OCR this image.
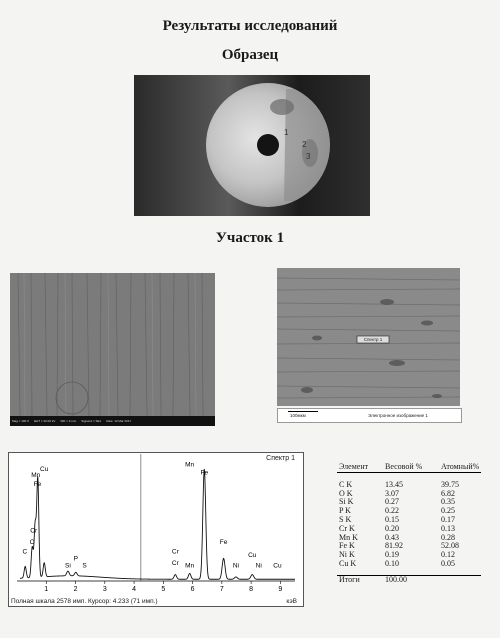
Результаты исследований
Образец
1
2
3
Участок 1
Mag = 100 X EHT = 20.00 kV WD = 9 mm Signal A = SE1 Date: 13 Mar 2017
Спектр 1
100мкм	Электронное изображение 1
1	2	3	4	5	6	7	8	9
Cu
Mn
Fe
Cr
O
C
Si
P
S	Cr Mn
Mn
Fe
Cr
Fe
Ni
Cu
Ni Cu
Спектр 1
Полная шкала 2578 имп. Курсор: 4.233 (71 имп.)	кэВ
Элемент	Весовой %	Атомный%

C K	13.45	39.75
O K	3.07	6.82
Si K	0.27	0.35
P K	0.22	0.25
S K	0.15	0.17
Cr K	0.20	0.13
Mn K	0.43	0.28
Fe K	81.92	52.08
Ni K	0.19	0.12
Cu K	0.10	0.05

Итоги	100.00	
